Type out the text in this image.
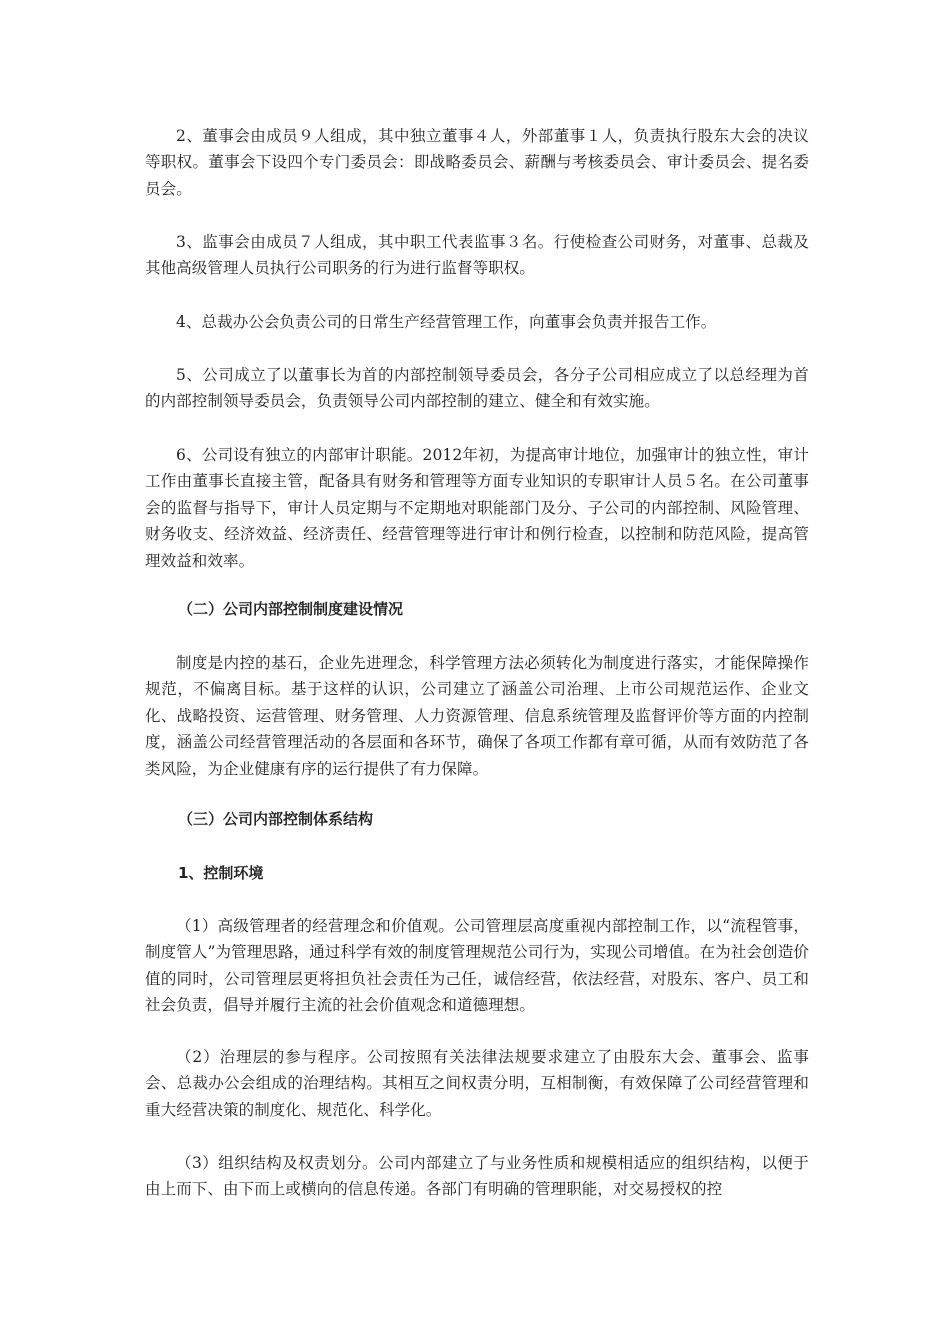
2、董事会由成员９人组成，其中独立董事４人，外部董事１人，负责执行股东大会的决议等职权。董事会下设四个专门委员会：即战略委员会、薪酬与考核委员会、审计委员会、提名委员会。

3、监事会由成员７人组成，其中职工代表监事３名。行使检查公司财务，对董事、总裁及其他高级管理人员执行公司职务的行为进行监督等职权。

4、总裁办公会负责公司的日常生产经营管理工作，向董事会负责并报告工作。

5、公司成立了以董事长为首的内部控制领导委员会，各分子公司相应成立了以总经理为首的内部控制领导委员会，负责领导公司内部控制的建立、健全和有效实施。

6、公司设有独立的内部审计职能。2012年初，为提高审计地位，加强审计的独立性，审计工作由董事长直接主管，配备具有财务和管理等方面专业知识的专职审计人员５名。在公司董事会的监督与指导下，审计人员定期与不定期地对职能部门及分、子公司的内部控制、风险管理、财务收支、经济效益、经济责任、经营管理等进行审计和例行检查，以控制和防范风险，提高管理效益和效率。

（二）公司内部控制制度建设情况

制度是内控的基石，企业先进理念，科学管理方法必须转化为制度进行落实，才能保障操作规范，不偏离目标。基于这样的认识，公司建立了涵盖公司治理、上市公司规范运作、企业文化、战略投资、运营管理、财务管理、人力资源管理、信息系统管理及监督评价等方面的内控制度，涵盖公司经营管理活动的各层面和各环节，确保了各项工作都有章可循，从而有效防范了各类风险，为企业健康有序的运行提供了有力保障。

（三）公司内部控制体系结构
1、控制环境

（1）高级管理者的经营理念和价值观。公司管理层高度重视内部控制工作，以“流程管事，制度管人”为管理思路，通过科学有效的制度管理规范公司行为，实现公司增值。在为社会创造价值的同时，公司管理层更将担负社会责任为己任，诚信经营，依法经营，对股东、客户、员工和社会负责，倡导并履行主流的社会价值观念和道德理想。

（2）治理层的参与程序。公司按照有关法律法规要求建立了由股东大会、董事会、监事会、总裁办公会组成的治理结构。其相互之间权责分明，互相制衡，有效保障了公司经营管理和重大经营决策的制度化、规范化、科学化。

（3）组织结构及权责划分。公司内部建立了与业务性质和规模相适应的组织结构，以便于由上而下、由下而上或横向的信息传递。各部门有明确的管理职能，对交易授权的控
